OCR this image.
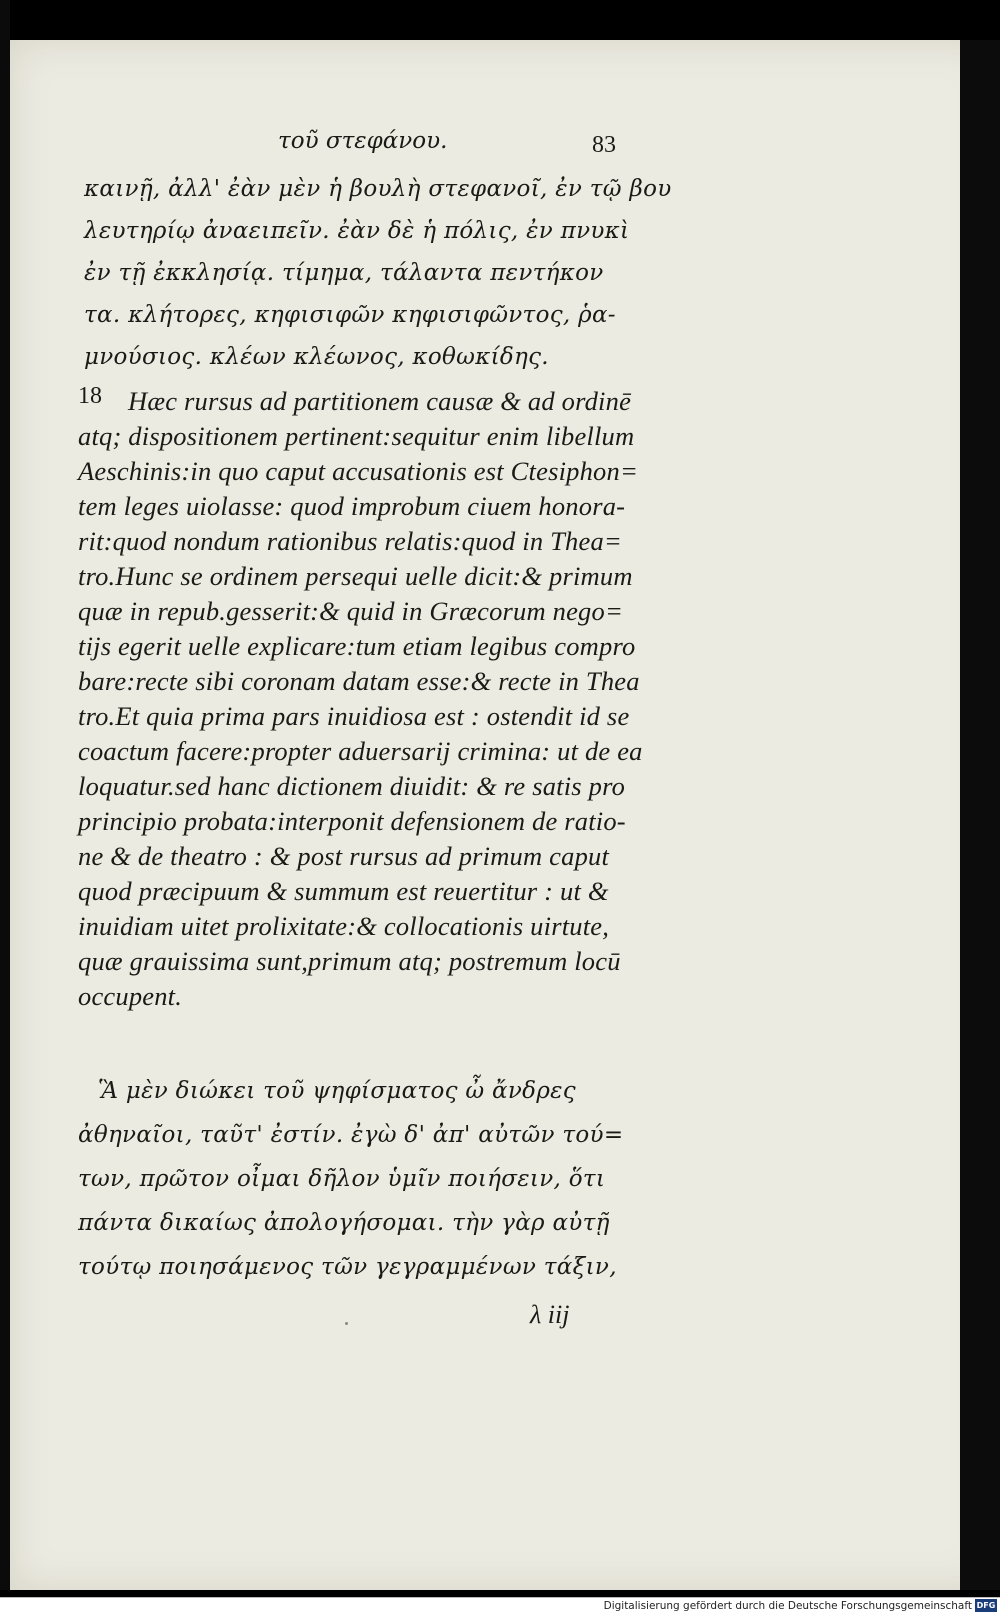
τοῦ στεφάνου.	83
καινῇ, ἀλλ' ἐὰν μὲν ἡ βουλὴ στεφανοῖ, ἐν τῷ βου
λευτηρίῳ ἀναειπεῖν. ἐὰν δὲ ἡ πόλις, ἐν πνυκὶ
ἐν τῇ ἐκκλησίᾳ. τίμημα, τάλαντα πεντήκον
τα. κλήτορες, κηφισιφῶν κηφισιφῶντος, ῥα-
μνούσιος. κλέων κλέωνος, κοθωκίδης.
18 Hæc rursus ad partitionem causæ & ad ordinē
atq; dispositionem pertinent:sequitur enim libellum
Aeschinis:in quo caput accusationis est Ctesiphon=
tem leges uiolasse: quod improbum ciuem honora-
rit:quod nondum rationibus relatis:quod in Thea=
tro.Hunc se ordinem persequi uelle dicit:& primum
quæ in repub.gesserit:& quid in Græcorum nego=
tijs egerit uelle explicare:tum etiam legibus compro
bare:recte sibi coronam datam esse:& recte in Thea
tro.Et quia prima pars inuidiosa est : ostendit id se
coactum facere:propter aduersarij crimina: ut de ea
loquatur.sed hanc dictionem diuidit: & re satis pro
principio probata:interponit defensionem de ratio-
ne & de theatro : & post rursus ad primum caput
quod præcipuum & summum est reuertitur : ut &
inuidiam uitet prolixitate:& collocationis uirtute,
quæ grauissima sunt,primum atq; postremum locū
occupent.
Ἃ μὲν διώκει τοῦ ψηφίσματος ὦ ἄνδρες
ἀθηναῖοι, ταῦτ' ἐστίν. ἐγὼ δ' ἀπ' αὐτῶν τού=
των, πρῶτον οἶμαι δῆλον ὑμῖν ποιήσειν, ὅτι
πάντα δικαίως ἀπολογήσομαι. τὴν γὰρ αὐτῇ
τούτῳ ποιησάμενος τῶν γεγραμμένων τάξιν,
λ iij
Digitalisierung gefördert durch die Deutsche Forschungsgemeinschaft DFG
